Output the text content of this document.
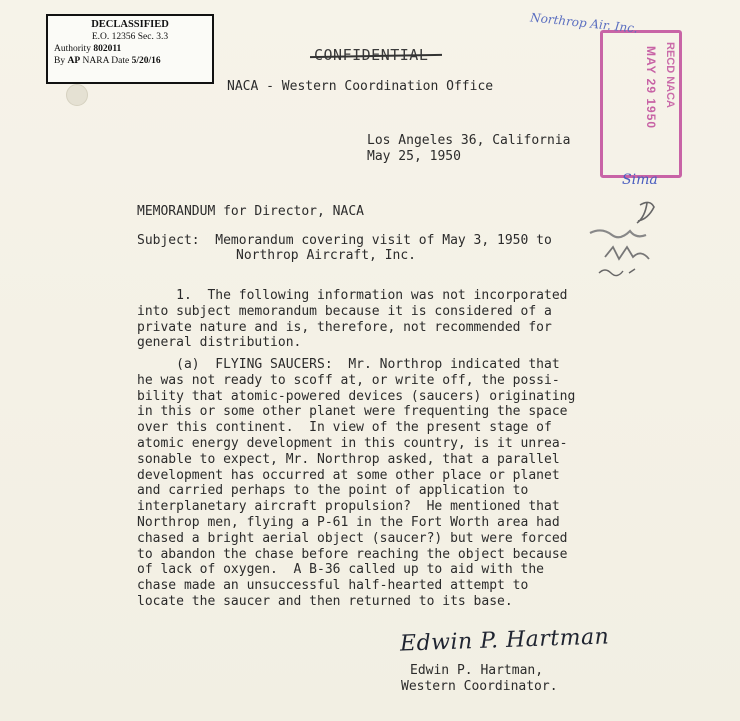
DECLASSIFIED
E.O. 12356 Sec. 3.3
Authority 802011
By AP NARA Date 5/20/16	CONFIDENTIAL
NACA - Western Coordination Office
Los Angeles 36, California
May 25, 1950
MEMORANDUM for Director, NACA
Subject:  Memorandum covering visit of May 3, 1950 to
Northrop Aircraft, Inc.
1.  The following information was not incorporated
into subject memorandum because it is considered of a
private nature and is, therefore, not recommended for
general distribution.
(a)  FLYING SAUCERS:  Mr. Northrop indicated that
he was not ready to scoff at, or write off, the possi-
bility that atomic-powered devices (saucers) originating
in this or some other planet were frequenting the space
over this continent.  In view of the present stage of
atomic energy development in this country, is it unrea-
sonable to expect, Mr. Northrop asked, that a parallel
development has occurred at some other place or planet
and carried perhaps to the point of application to
interplanetary aircraft propulsion?  He mentioned that
Northrop men, flying a P-61 in the Fort Worth area had
chased a bright aerial object (saucer?) but were forced
to abandon the chase before reaching the object because
of lack of oxygen.  A B-36 called up to aid with the
chase made an unsuccessful half-hearted attempt to
locate the saucer and then returned to its base.
Edwin P. Hartman
Edwin P. Hartman,
Western Coordinator.
MAY 29 1950 RECD NACA
Northrop Air. Inc.
Sima
